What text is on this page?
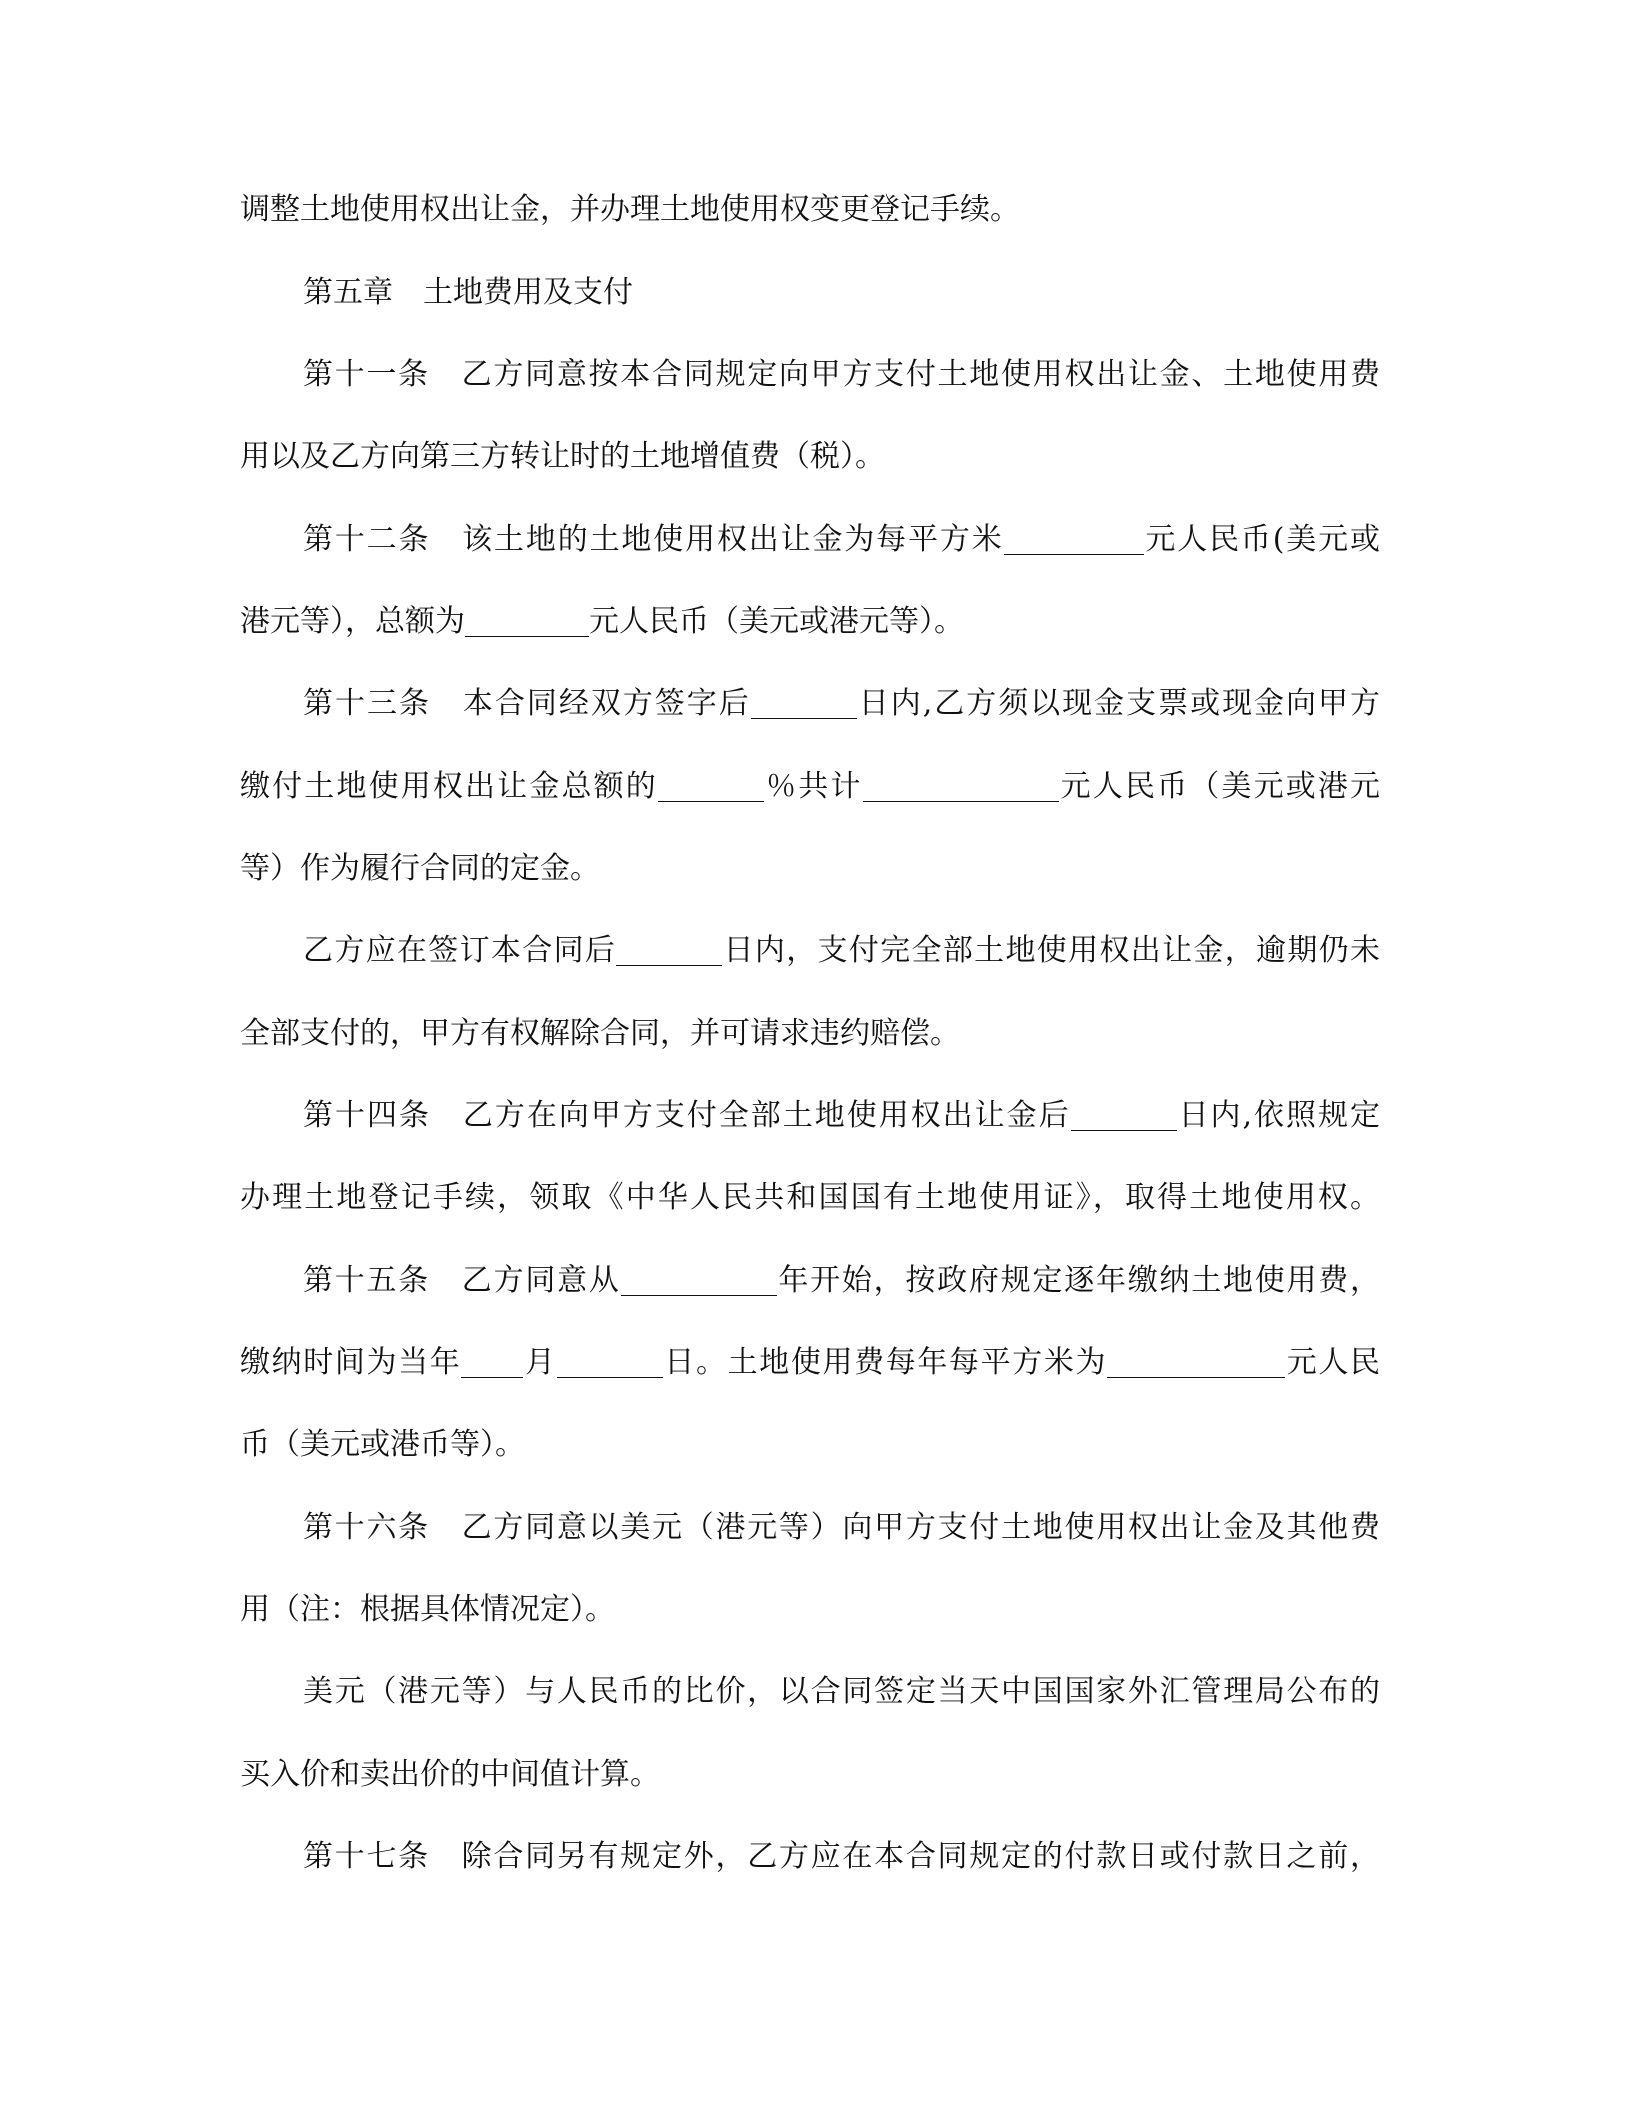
调整土地使用权出让金，并办理土地使用权变更登记手续。
第五章 土地费用及支付
第十一条 乙方同意按本合同规定向甲方支付土地使用权出让金、土地使用费
用以及乙方向第三方转让时的土地增值费（税）。
第十二条 该土地的土地使用权出让金为每平方米	元人民币(美元或
港元等），总额为	元人民币（美元或港元等）。
第十三条 本合同经双方签字后	日内,乙方须以现金支票或现金向甲方
缴付土地使用权出让金总额的	％共计	元人民币（美元或港元
等）作为履行合同的定金。
乙方应在签订本合同后	日内，支付完全部土地使用权出让金，逾期仍未
全部支付的，甲方有权解除合同，并可请求违约赔偿。
第十四条 乙方在向甲方支付全部土地使用权出让金后	日内,依照规定
办理土地登记手续，领取《中华人民共和国国有土地使用证》，取得土地使用权。
第十五条 乙方同意从	年开始，按政府规定逐年缴纳土地使用费，
缴纳时间为当年 月	日。土地使用费每年每平方米为	元人民
币（美元或港币等）。
第十六条 乙方同意以美元（港元等）向甲方支付土地使用权出让金及其他费
用（注：根据具体情况定）。
美元（港元等）与人民币的比价，以合同签定当天中国国家外汇管理局公布的
买入价和卖出价的中间值计算。
第十七条 除合同另有规定外，乙方应在本合同规定的付款日或付款日之前，
